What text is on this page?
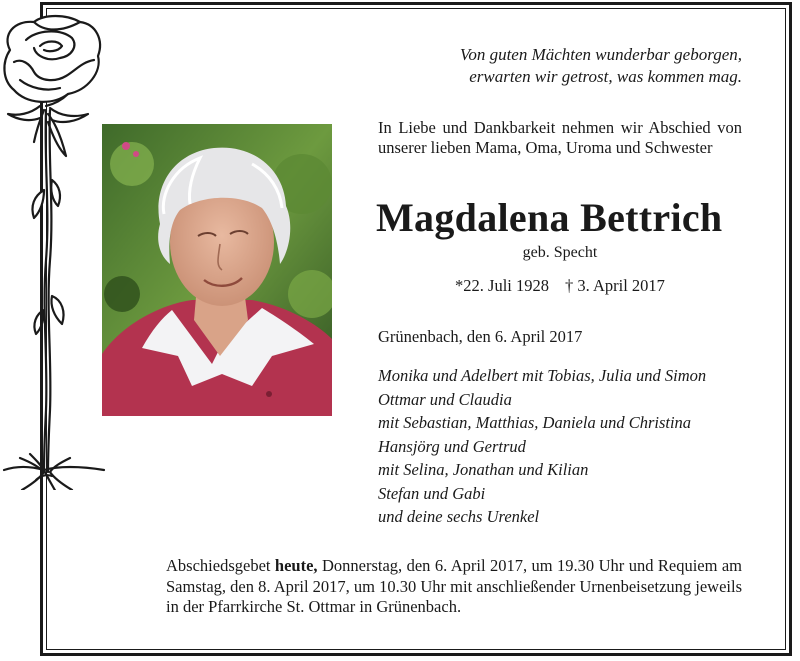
Von guten Mächten wunderbar geborgen,
erwarten wir getrost, was kommen mag.
In Liebe und Dankbarkeit nehmen wir Abschied von unserer lieben Mama, Oma, Uroma und Schwester
Magdalena Bettrich
geb. Specht
*22. Juli 1928 † 3. April 2017
Grünenbach, den 6. April 2017
Monika und Adelbert mit Tobias, Julia und Simon
Ottmar und Claudia
mit Sebastian, Matthias, Daniela und Christina
Hansjörg und Gertrud
mit Selina, Jonathan und Kilian
Stefan und Gabi
und deine sechs Urenkel
Abschiedsgebet heute, Donnerstag, den 6. April 2017, um 19.30 Uhr und Requiem am Samstag, den 8. April 2017, um 10.30 Uhr mit anschließender Urnenbeisetzung jeweils in der Pfarrkirche St. Ottmar in Grünenbach.
